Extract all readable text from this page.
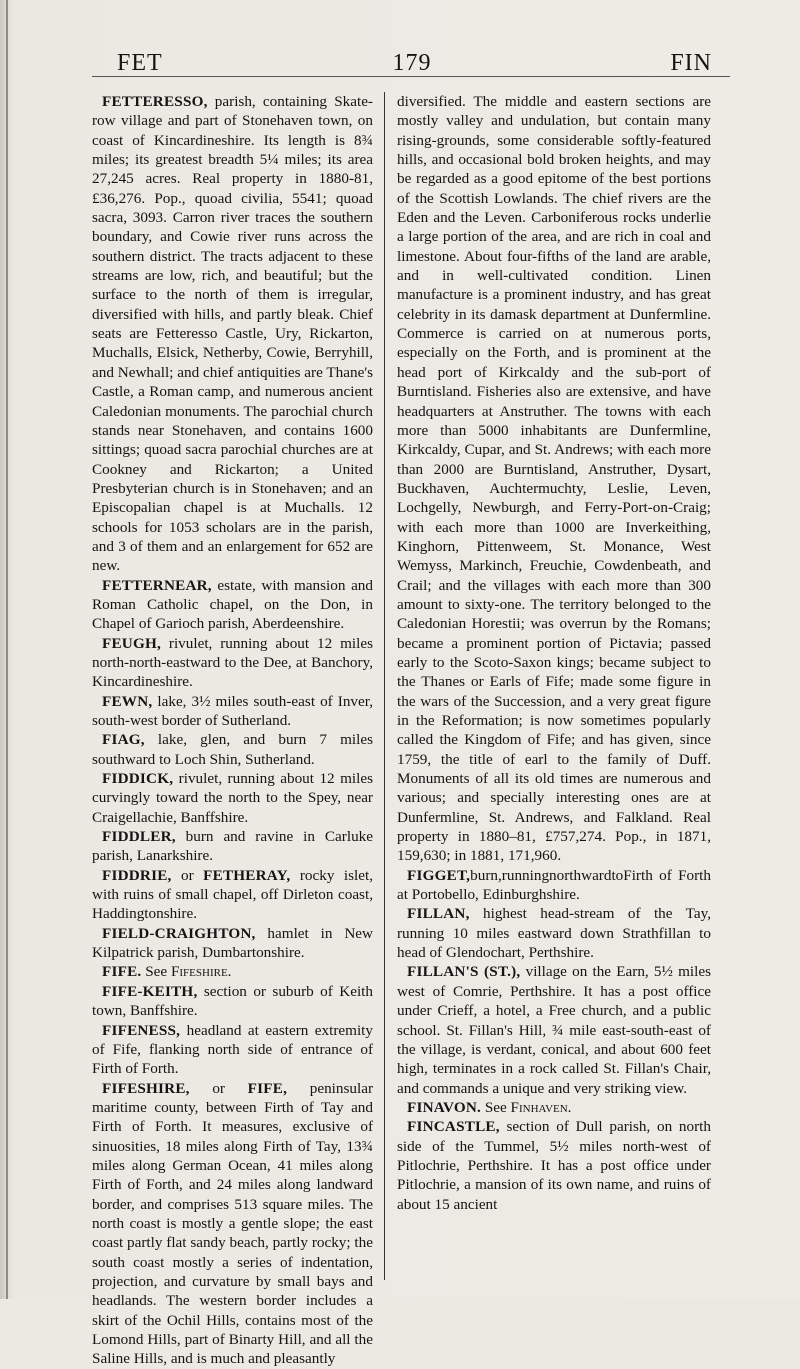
FET	179	FIN

FETTERESSO, parish, containing Skate-row village and part of Stonehaven town, on coast of Kincardineshire. Its length is 8¾ miles; its greatest breadth 5¼ miles; its area 27,245 acres. Real property in 1880-81, £36,276. Pop., quoad civilia, 5541; quoad sacra, 3093. Carron river traces the southern boundary, and Cowie river runs across the southern district. The tracts adjacent to these streams are low, rich, and beautiful; but the surface to the north of them is irregular, diversified with hills, and partly bleak. Chief seats are Fetteresso Castle, Ury, Rickarton, Muchalls, Elsick, Netherby, Cowie, Berryhill, and Newhall; and chief antiquities are Thane's Castle, a Roman camp, and numerous ancient Caledonian monuments. The parochial church stands near Stonehaven, and contains 1600 sittings; quoad sacra parochial churches are at Cookney and Rickarton; a United Presbyterian church is in Stonehaven; and an Episcopalian chapel is at Muchalls. 12 schools for 1053 scholars are in the parish, and 3 of them and an enlargement for 652 are new.

FETTERNEAR, estate, with mansion and Roman Catholic chapel, on the Don, in Chapel of Garioch parish, Aberdeenshire.

FEUGH, rivulet, running about 12 miles north-north-eastward to the Dee, at Banchory, Kincardineshire.

FEWN, lake, 3½ miles south-east of Inver, south-west border of Sutherland.

FIAG, lake, glen, and burn 7 miles southward to Loch Shin, Sutherland.

FIDDICK, rivulet, running about 12 miles curvingly toward the north to the Spey, near Craigellachie, Banffshire.

FIDDLER, burn and ravine in Carluke parish, Lanarkshire.

FIDDRIE, or FETHERAY, rocky islet, with ruins of small chapel, off Dirleton coast, Haddingtonshire.

FIELD-CRAIGHTON, hamlet in New Kilpatrick parish, Dumbartonshire.

FIFE. See Fifeshire.

FIFE-KEITH, section or suburb of Keith town, Banffshire.

FIFENESS, headland at eastern extremity of Fife, flanking north side of entrance of Firth of Forth.

FIFESHIRE, or FIFE, peninsular maritime county, between Firth of Tay and Firth of Forth. It measures, exclusive of sinuosities, 18 miles along Firth of Tay, 13¾ miles along German Ocean, 41 miles along Firth of Forth, and 24 miles along landward border, and comprises 513 square miles. The north coast is mostly a gentle slope; the east coast partly flat sandy beach, partly rocky; the south coast mostly a series of indentation, projection, and curvature by small bays and headlands. The western border includes a skirt of the Ochil Hills, contains most of the Lomond Hills, part of Binarty Hill, and all the Saline Hills, and is much and pleasantly

diversified. The middle and eastern sections are mostly valley and undulation, but contain many rising-grounds, some considerable softly-featured hills, and occasional bold broken heights, and may be regarded as a good epitome of the best portions of the Scottish Lowlands. The chief rivers are the Eden and the Leven. Carboniferous rocks underlie a large portion of the area, and are rich in coal and limestone. About four-fifths of the land are arable, and in well-cultivated condition. Linen manufacture is a prominent industry, and has great celebrity in its damask department at Dunfermline. Commerce is carried on at numerous ports, especially on the Forth, and is prominent at the head port of Kirkcaldy and the sub-port of Burntisland. Fisheries also are extensive, and have headquarters at Anstruther. The towns with each more than 5000 inhabitants are Dunfermline, Kirkcaldy, Cupar, and St. Andrews; with each more than 2000 are Burntisland, Anstruther, Dysart, Buckhaven, Auchtermuchty, Leslie, Leven, Lochgelly, Newburgh, and Ferry-Port-on-Craig; with each more than 1000 are Inverkeithing, Kinghorn, Pittenweem, St. Monance, West Wemyss, Markinch, Freuchie, Cowdenbeath, and Crail; and the villages with each more than 300 amount to sixty-one. The territory belonged to the Caledonian Horestii; was overrun by the Romans; became a prominent portion of Pictavia; passed early to the Scoto-Saxon kings; became subject to the Thanes or Earls of Fife; made some figure in the wars of the Succession, and a very great figure in the Reformation; is now sometimes popularly called the Kingdom of Fife; and has given, since 1759, the title of earl to the family of Duff. Monuments of all its old times are numerous and various; and specially interesting ones are at Dunfermline, St. Andrews, and Falkland. Real property in 1880–81, £757,274. Pop., in 1871, 159,630; in 1881, 171,960.

FIGGET,burn,runningnorthwardtoFirth of Forth at Portobello, Edinburghshire.

FILLAN, highest head-stream of the Tay, running 10 miles eastward down Strathfillan to head of Glendochart, Perthshire.

FILLAN'S (ST.), village on the Earn, 5½ miles west of Comrie, Perthshire. It has a post office under Crieff, a hotel, a Free church, and a public school. St. Fillan's Hill, ¾ mile east-south-east of the village, is verdant, conical, and about 600 feet high, terminates in a rock called St. Fillan's Chair, and commands a unique and very striking view.

FINAVON. See Finhaven.

FINCASTLE, section of Dull parish, on north side of the Tummel, 5½ miles north-west of Pitlochrie, Perthshire. It has a post office under Pitlochrie, a mansion of its own name, and ruins of about 15 ancient
